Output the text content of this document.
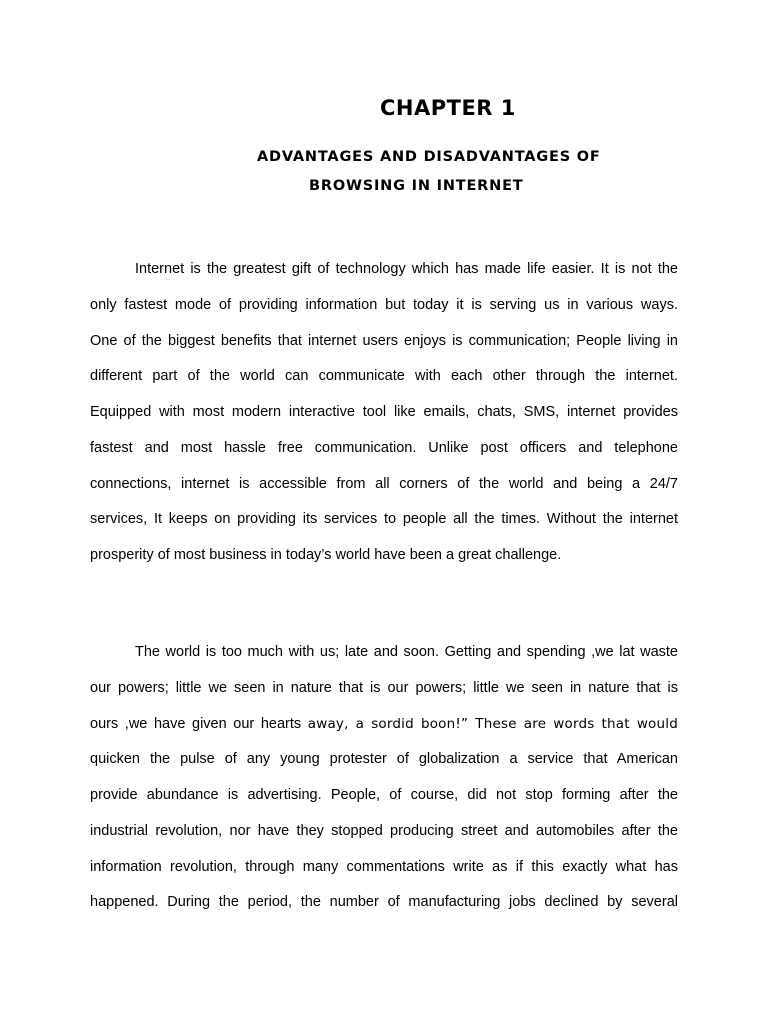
CHAPTER 1
ADVANTAGES AND DISADVANTAGES OF
BROWSING IN INTERNET
Internet is the greatest gift of technology which has made life easier. It is not the
only fastest mode of providing information but today it is serving us in various ways.
One of the biggest benefits that internet users enjoys is communication; People living in
different part of the world can communicate with each other through the internet.
Equipped with most modern interactive tool like emails, chats, SMS, internet provides
fastest and most hassle free communication. Unlike post officers and telephone
connections, internet is accessible from all corners of the world and being a 24/7
services, It keeps on providing its services to people all the times. Without the internet
prosperity of most business in today’s world have been a great challenge.
The world is too much with us; late and soon. Getting and spending ,we lat waste
our powers; little we seen in nature that is our powers; little we seen in nature that is
ours ,we have given our hearts away, a sordid boon!” These are words that would
quicken the pulse of any young protester of globalization a service that American
provide abundance is advertising. People, of course, did not stop forming after the
industrial revolution, nor have they stopped producing street and automobiles after the
information revolution, through many commentations write as if this exactly what has
happened. During the period, the number of manufacturing jobs declined by several
